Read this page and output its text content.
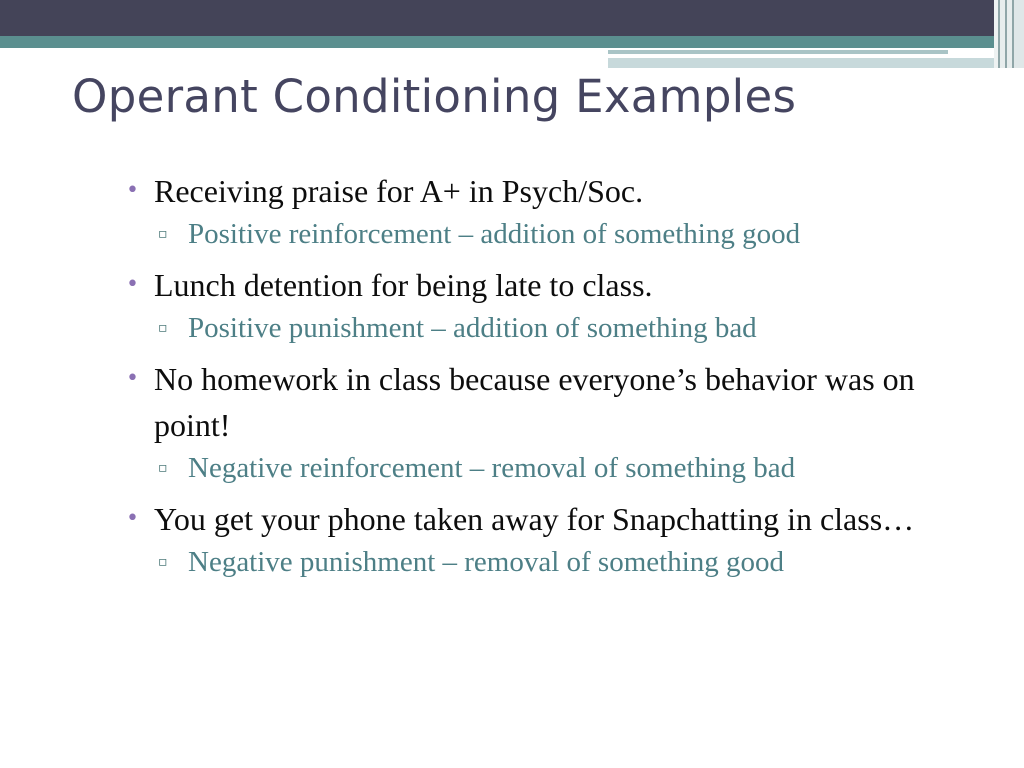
Operant Conditioning Examples
• Receiving praise for A+ in Psych/Soc.
▫ Positive reinforcement – addition of something good
• Lunch detention for being late to class.
▫ Positive punishment – addition of something bad
• No homework in class because everyone’s behavior was on point!
▫ Negative reinforcement – removal of something bad
• You get your phone taken away for Snapchatting in class…
▫ Negative punishment – removal of something good
